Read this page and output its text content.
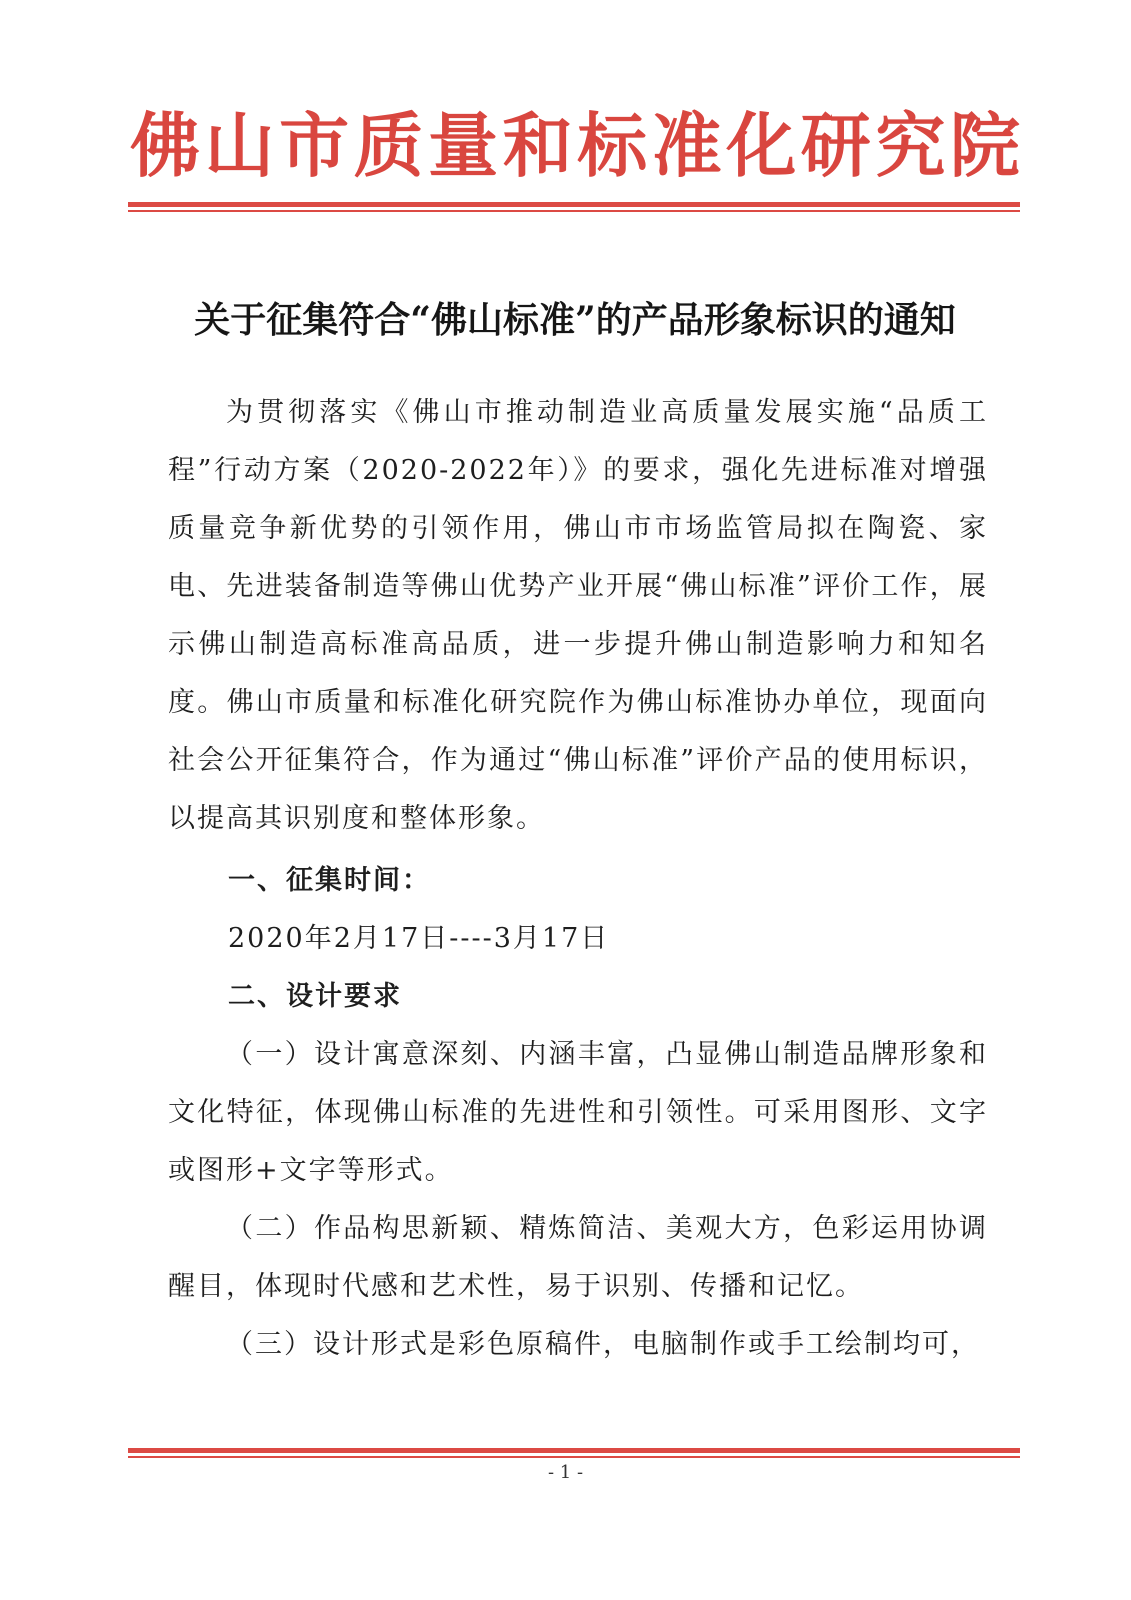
佛 山 市 质 量 和 标 准 化 研 究 院
关于征集符合“佛山标准”的产品形象标识的通知

为贯彻落实《佛山市推动制造业高质量发展实施“品质工程”行动方案（2020-2022年）》的要求，强化先进标准对增强质量竞争新优势的引领作用，佛山市市场监管局拟在陶瓷、家电、先进装备制造等佛山优势产业开展“佛山标准”评价工作，展示佛山制造高标准高品质，进一步提升佛山制造影响力和知名度。佛山市质量和标准化研究院作为佛山标准协办单位，现面向社会公开征集符合，作为通过“佛山标准”评价产品的使用标识，以提高其识别度和整体形象。

一、征集时间：
2020年2月17日----3月17日
二、设计要求

（一）设计寓意深刻、内涵丰富，凸显佛山制造品牌形象和文化特征，体现佛山标准的先进性和引领性。可采用图形、文字或图形+文字等形式。

（二）作品构思新颖、精炼简洁、美观大方，色彩运用协调醒目，体现时代感和艺术性，易于识别、传播和记忆。

（三）设计形式是彩色原稿件，电脑制作或手工绘制均可，

- 1 -
